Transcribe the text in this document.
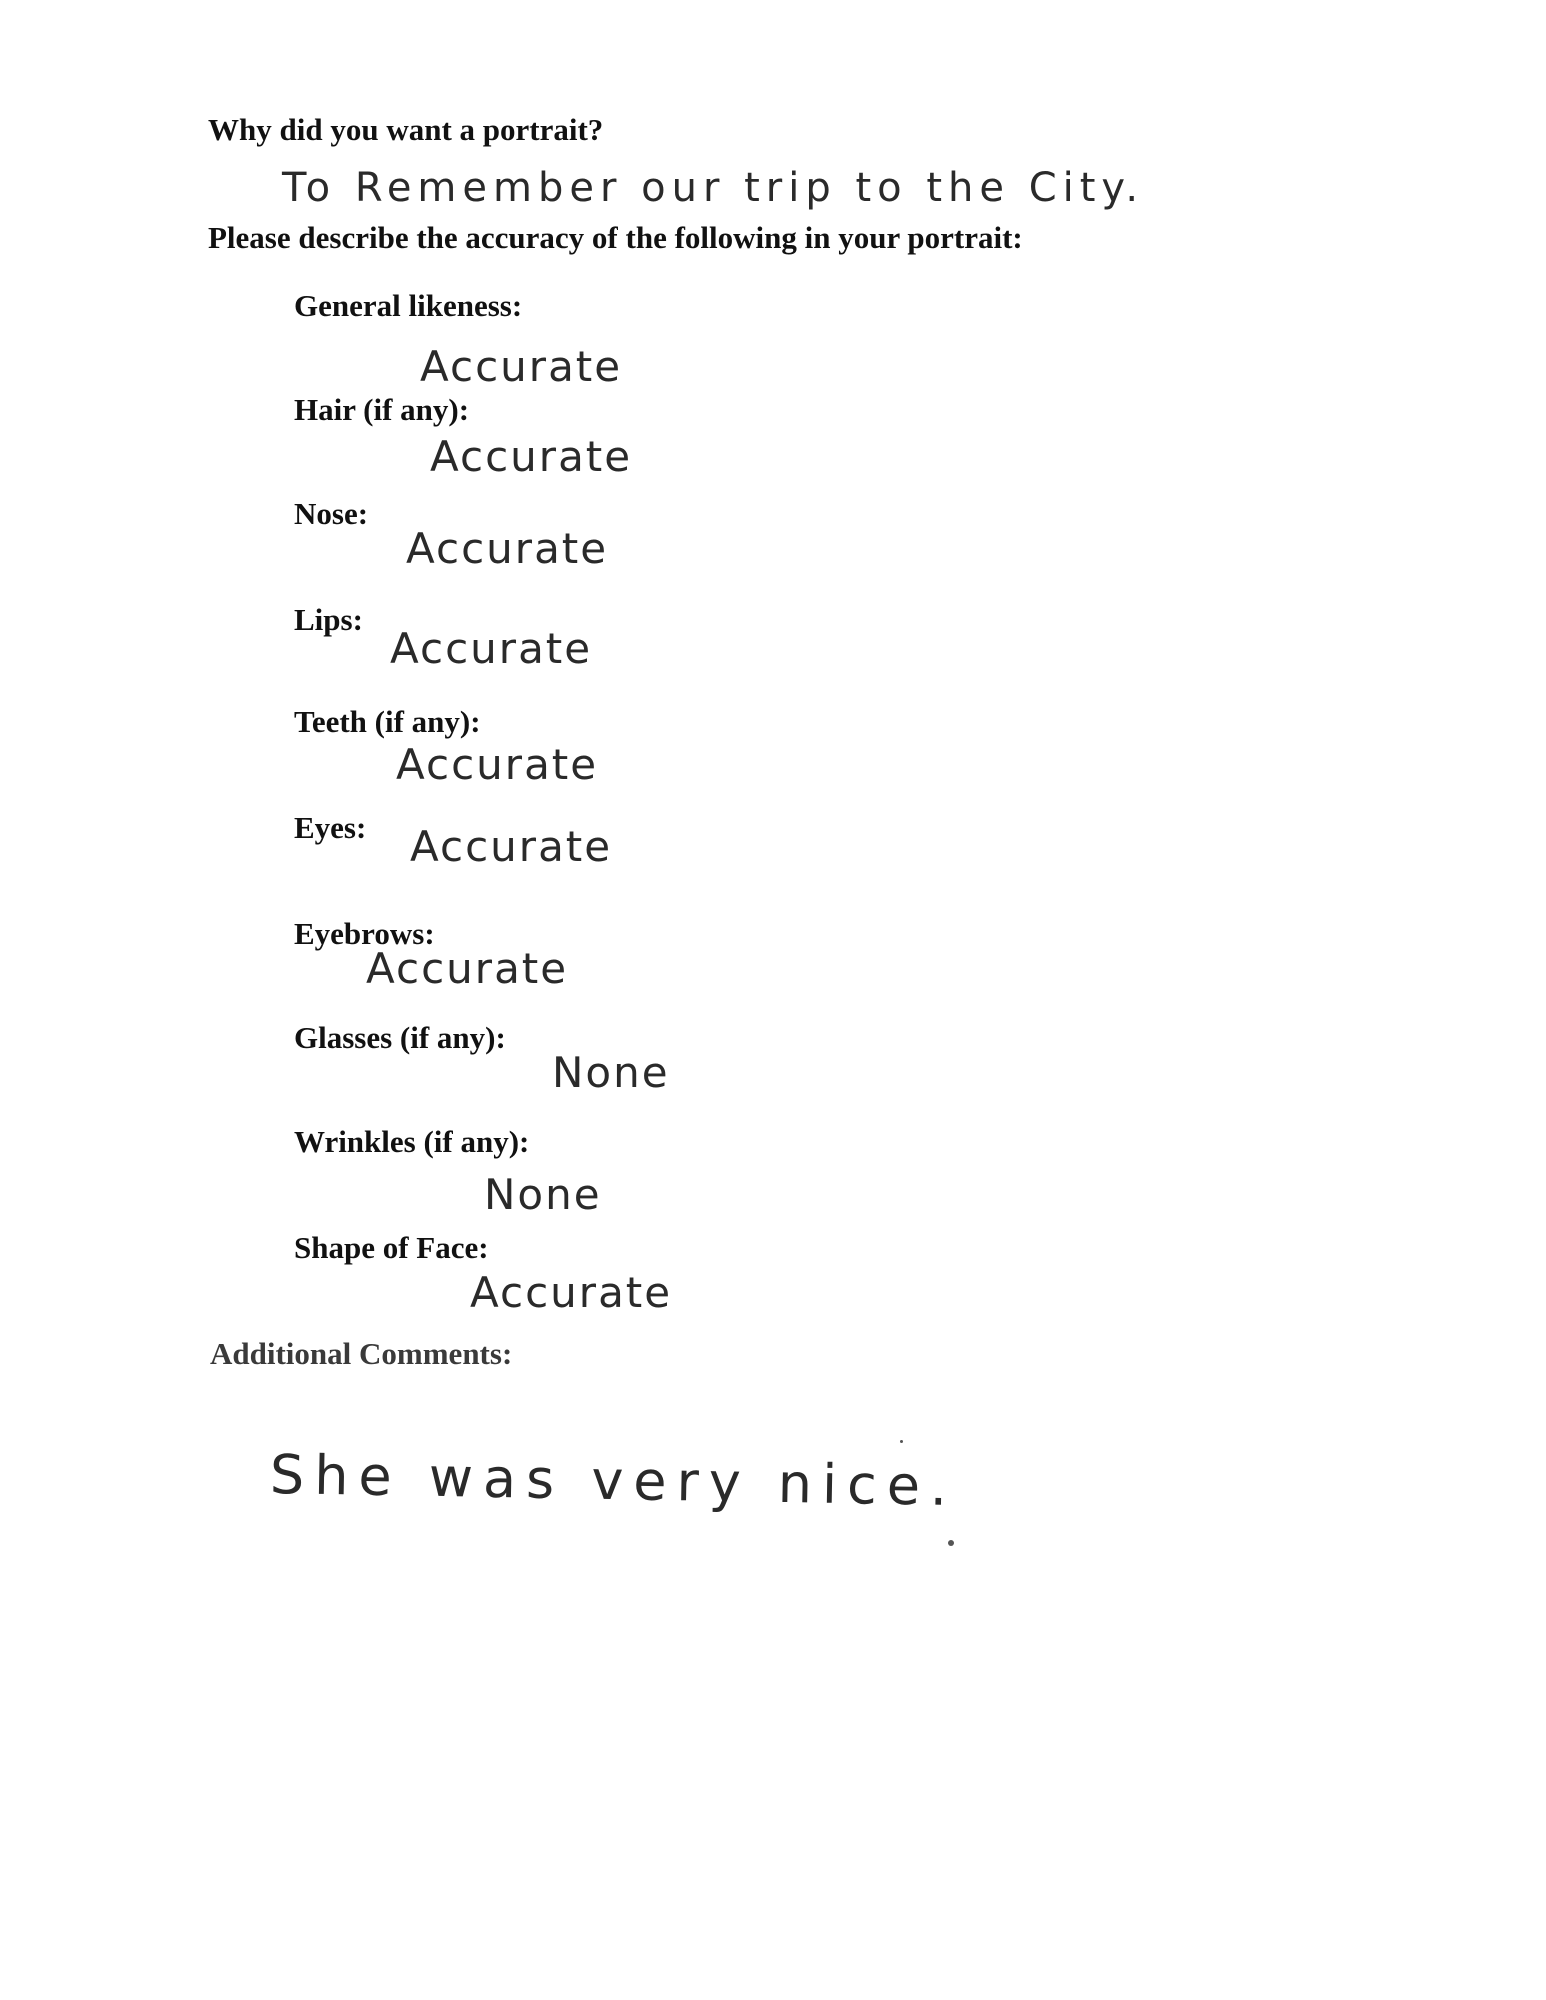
Why did you want a portrait?
To Remember our trip to the City.
Please describe the accuracy of the following in your portrait:
General likeness:
Accurate
Hair (if any):
Accurate
Nose:
Accurate
Lips:
Accurate
Teeth (if any):
Accurate
Eyes: Accurate
Eyebrows:
Accurate
Glasses (if any):
None
Wrinkles (if any):
None
Shape of Face:
Accurate
Additional Comments:
She was very nice.
